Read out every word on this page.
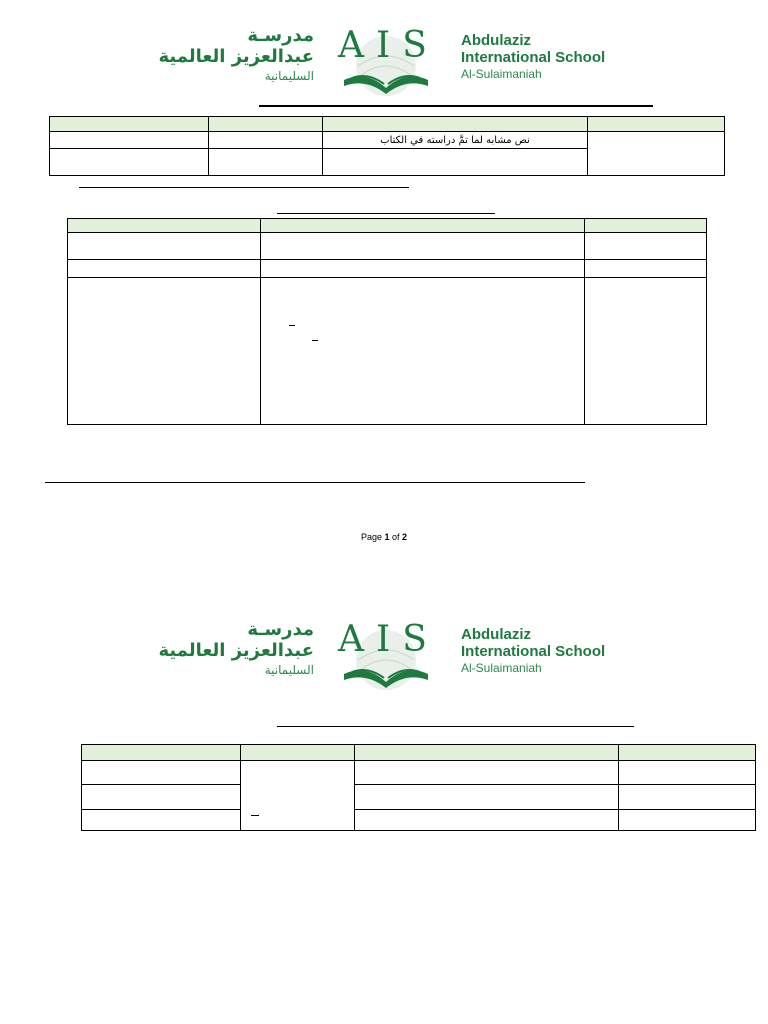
مدرسـة
عبدالعزيز العالمية
السليمانية
AIS Abdulaziz
International School
Al-Sulaimaniah

		نص مشابه لما تمَّ دراسته في الكتاب	

Page 1 of 2
مدرسـة
عبدالعزيز العالمية
السليمانية
AIS Abdulaziz
International School
Al-Sulaimaniah
